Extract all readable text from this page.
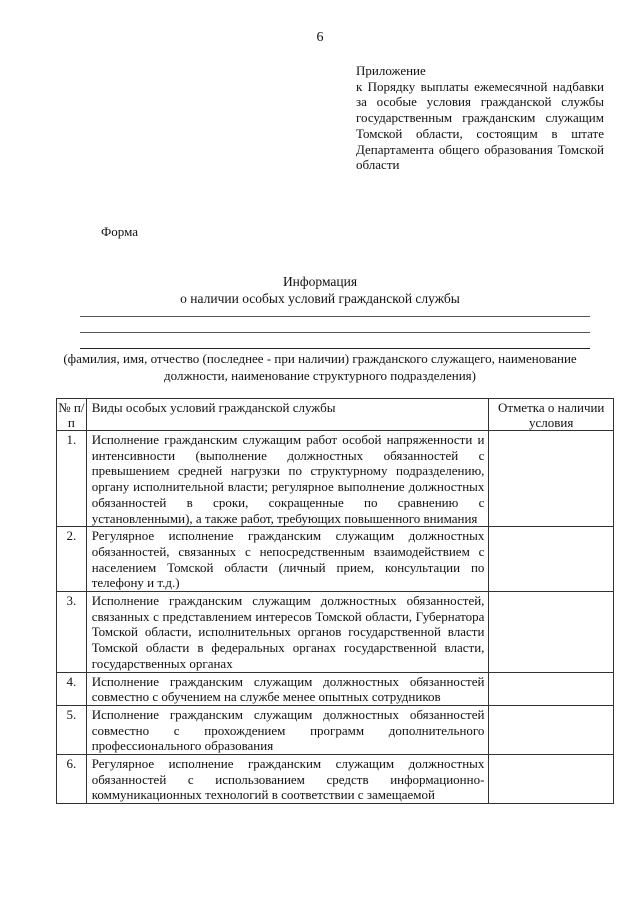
6
Приложение
к Порядку выплаты ежемесячной надбавки за особые условия гражданской службы государственным гражданским служащим Томской области, состоящим в штате Департамента общего образования Томской области
Форма
Информация
о наличии особых условий гражданской службы
(фамилия, имя, отчество (последнее - при наличии) гражданского служащего, наименование должности, наименование структурного подразделения)
№ п/п	Виды особых условий гражданской службы	Отметка о наличии условия
1.	Исполнение гражданским служащим работ особой напряженности и интенсивности (выполнение должностных обязанностей с превышением средней нагрузки по структурному подразделению, органу исполнительной власти; регулярное выполнение должностных обязанностей в сроки, сокращенные по сравнению с установленными), а также работ, требующих повышенного внимания	
2.	Регулярное исполнение гражданским служащим должностных обязанностей, связанных с непосредственным взаимодействием с населением Томской области (личный прием, консультации по телефону и т.д.)	
3.	Исполнение гражданским служащим должностных обязанностей, связанных с представлением интересов Томской области, Губернатора Томской области, исполнительных органов государственной власти Томской области в федеральных органах государственной власти, государственных органах	
4.	Исполнение гражданским служащим должностных обязанностей совместно с обучением на службе менее опытных сотрудников	
5.	Исполнение гражданским служащим должностных обязанностей совместно с прохождением программ дополнительного профессионального образования	
6.	Регулярное исполнение гражданским служащим должностных обязанностей с использованием средств информационно-коммуникационных технологий в соответствии с замещаемой	
